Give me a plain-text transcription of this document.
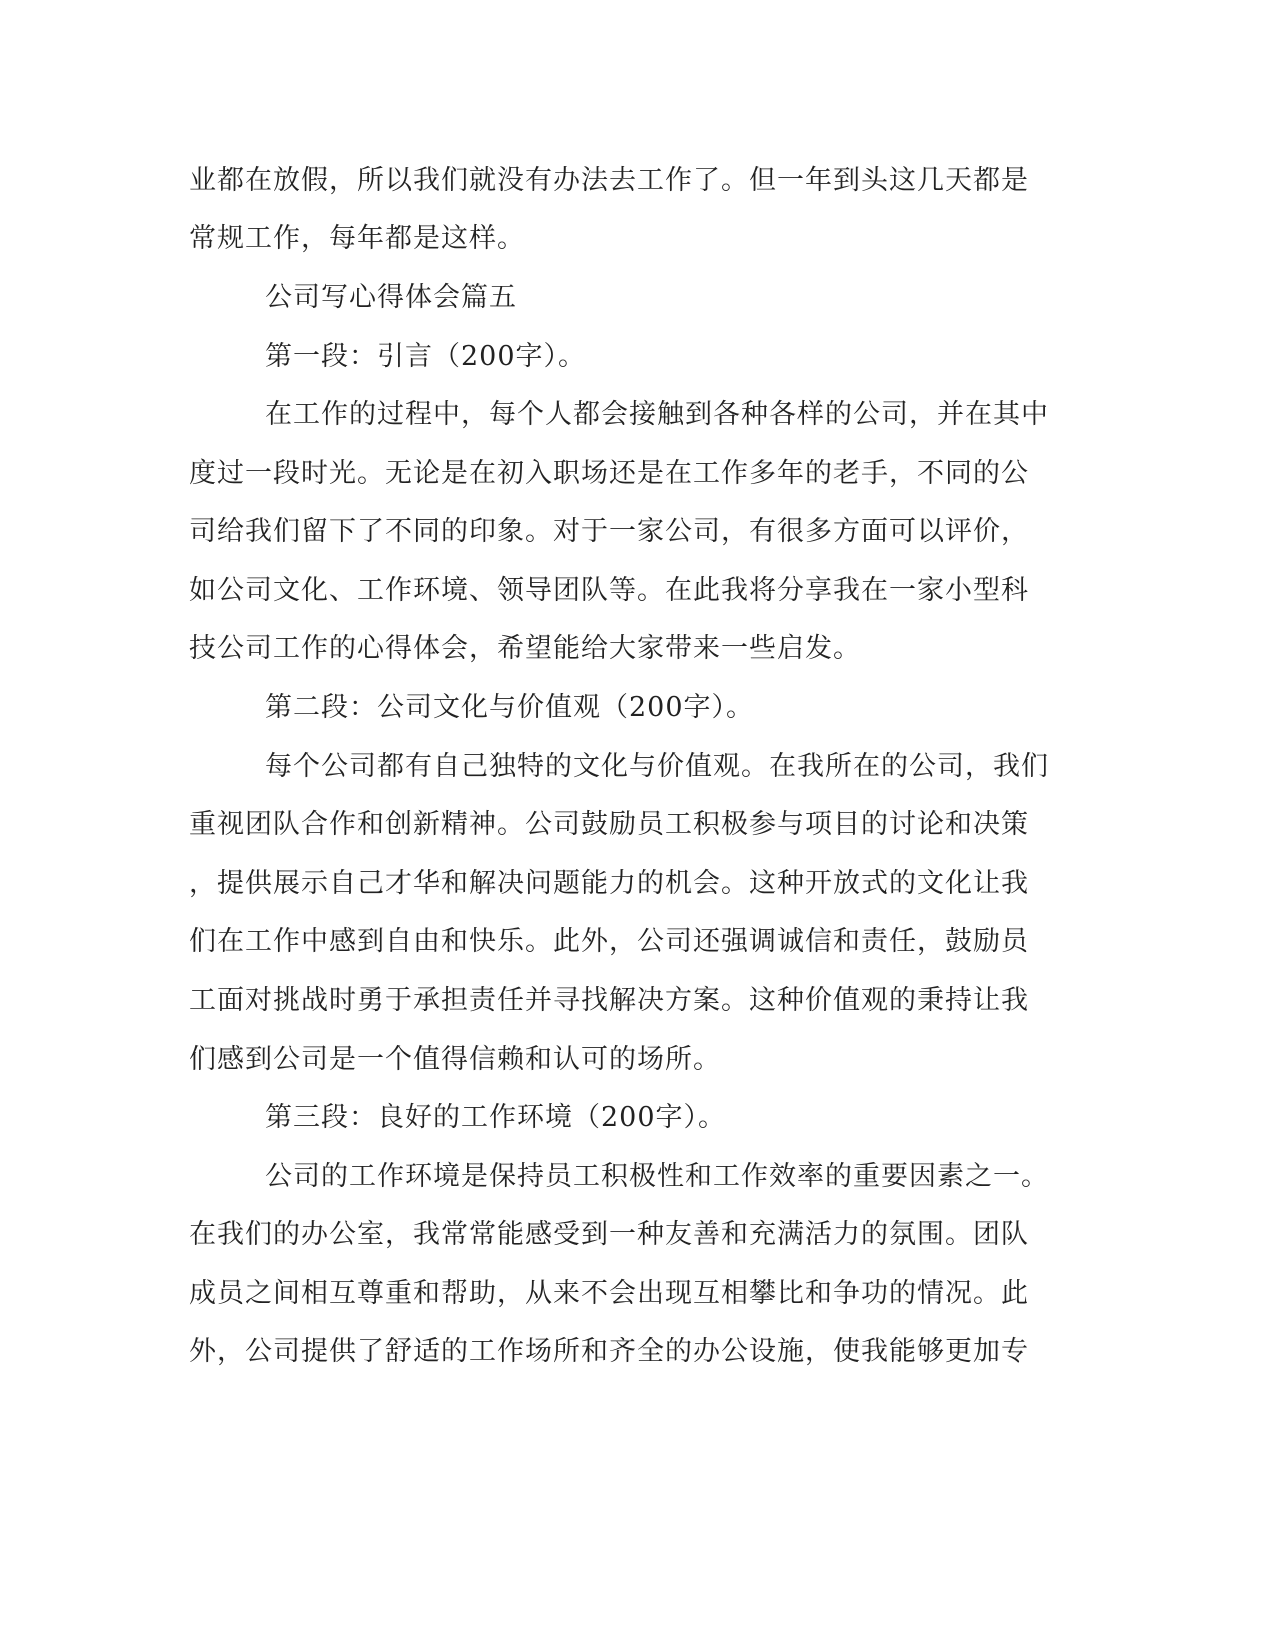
业都在放假，所以我们就没有办法去工作了。但一年到头这几天都是
常规工作，每年都是这样。
公司写心得体会篇五
第一段：引言（200字）。
在工作的过程中，每个人都会接触到各种各样的公司，并在其中
度过一段时光。无论是在初入职场还是在工作多年的老手，不同的公
司给我们留下了不同的印象。对于一家公司，有很多方面可以评价，
如公司文化、工作环境、领导团队等。在此我将分享我在一家小型科
技公司工作的心得体会，希望能给大家带来一些启发。
第二段：公司文化与价值观（200字）。
每个公司都有自己独特的文化与价值观。在我所在的公司，我们
重视团队合作和创新精神。公司鼓励员工积极参与项目的讨论和决策
，提供展示自己才华和解决问题能力的机会。这种开放式的文化让我
们在工作中感到自由和快乐。此外，公司还强调诚信和责任，鼓励员
工面对挑战时勇于承担责任并寻找解决方案。这种价值观的秉持让我
们感到公司是一个值得信赖和认可的场所。
第三段：良好的工作环境（200字）。
公司的工作环境是保持员工积极性和工作效率的重要因素之一。
在我们的办公室，我常常能感受到一种友善和充满活力的氛围。团队
成员之间相互尊重和帮助，从来不会出现互相攀比和争功的情况。此
外，公司提供了舒适的工作场所和齐全的办公设施，使我能够更加专
